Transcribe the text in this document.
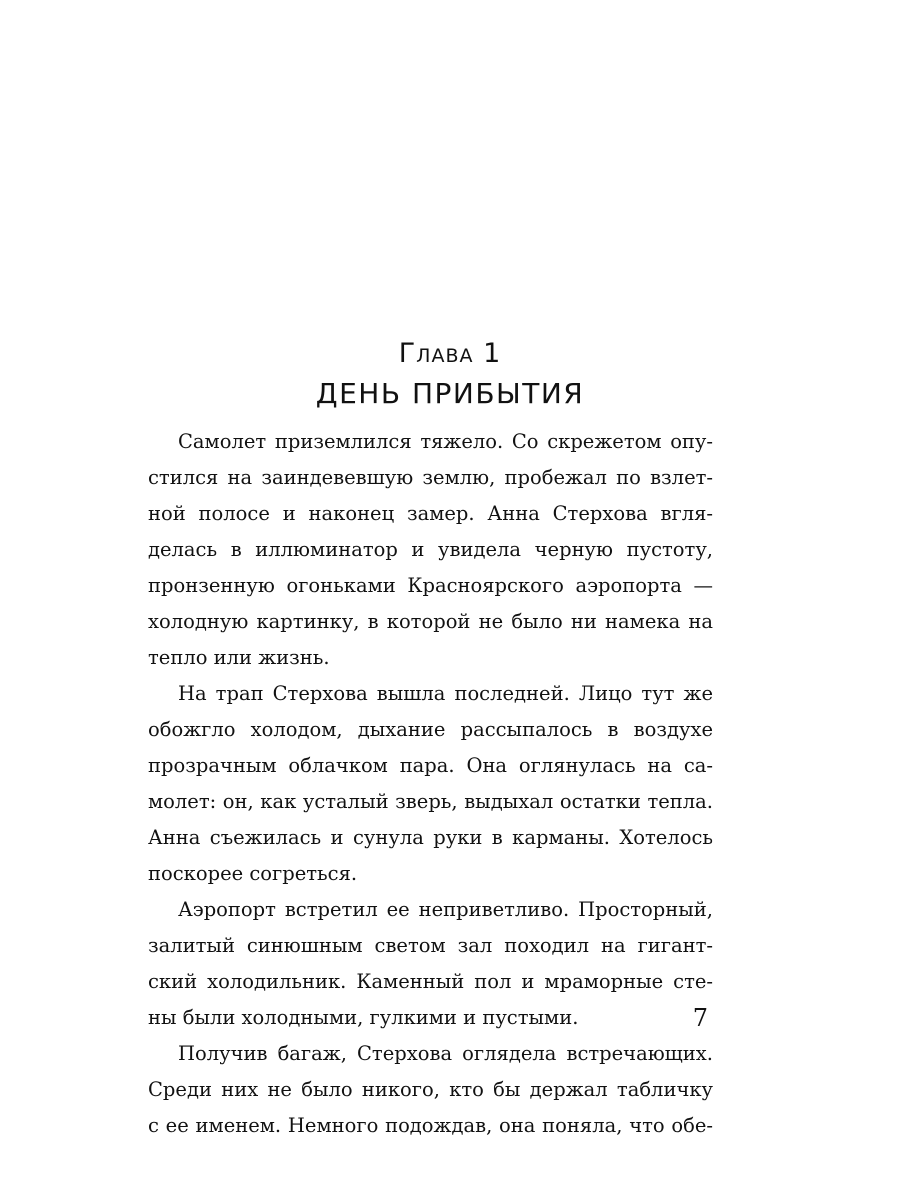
Глава 1
ДЕНЬ ПРИБЫТИЯ

Самолет приземлился тяжело. Со скрежетом опу-
стился на заиндевевшую землю, пробежал по взлет-
ной полосе и наконец замер. Анна Стерхова вгля-
делась в иллюминатор и увидела черную пустоту,
пронзенную огоньками Красноярского аэропорта —
холодную картинку, в которой не было ни намека на
тепло или жизнь.

На трап Стерхова вышла последней. Лицо тут же
обожгло холодом, дыхание рассыпалось в воздухе
прозрачным облачком пара. Она оглянулась на са-
молет: он, как усталый зверь, выдыхал остатки тепла.
Анна съежилась и сунула руки в карманы. Хотелось
поскорее согреться.

Аэропорт встретил ее неприветливо. Просторный,
залитый синюшным светом зал походил на гигант-
ский холодильник. Каменный пол и мраморные сте-
ны были холодными, гулкими и пустыми.

Получив багаж, Стерхова оглядела встречающих.
Среди них не было никого, кто бы держал табличку
с ее именем. Немного подождав, она поняла, что обе-

7
